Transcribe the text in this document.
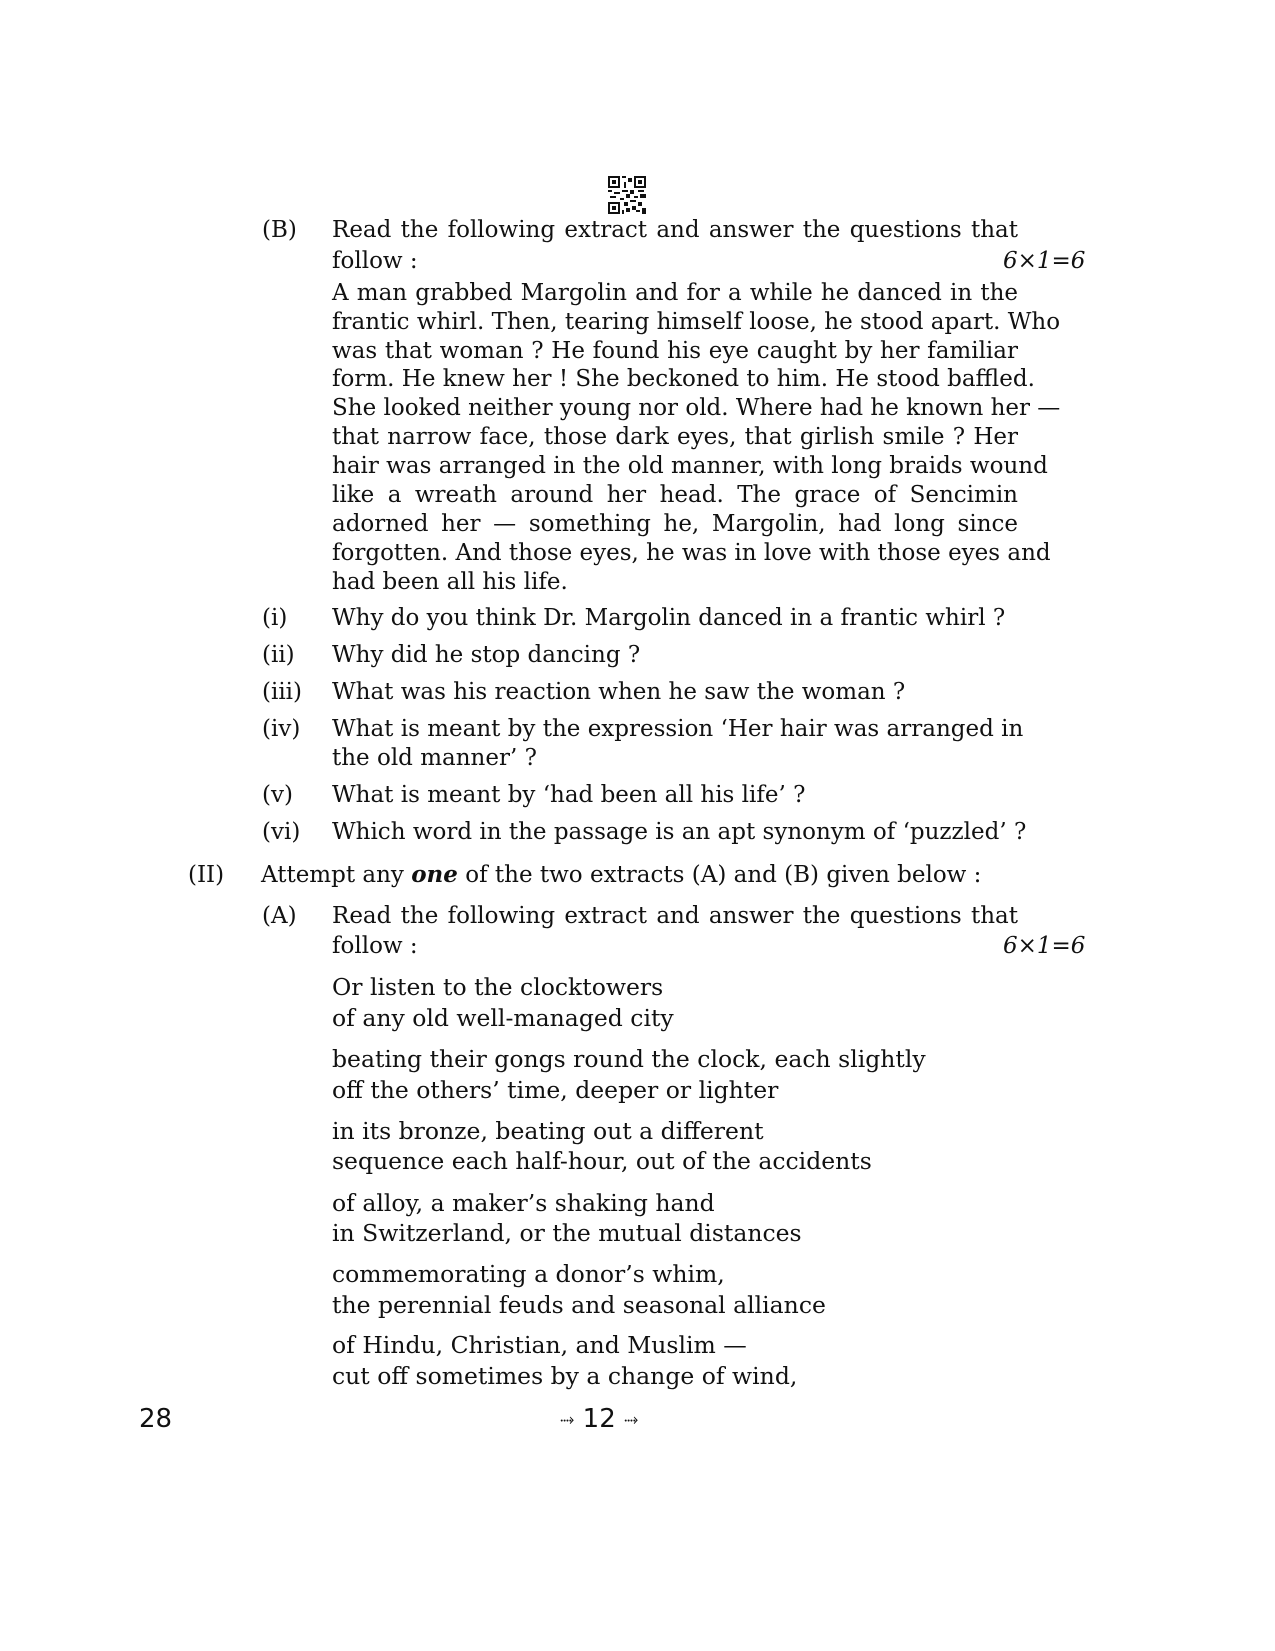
(B) Read the following extract and answer the questions that
follow :	6×1=6
A man grabbed Margolin and for a while he danced in the
frantic whirl. Then, tearing himself loose, he stood apart. Who
was that woman ? He found his eye caught by her familiar
form. He knew her ! She beckoned to him. He stood baffled.
She looked neither young nor old. Where had he known her —
that narrow face, those dark eyes, that girlish smile ? Her
hair was arranged in the old manner, with long braids wound
like a wreath around her head. The grace of Sencimin
adorned her — something he, Margolin, had long since
forgotten. And those eyes, he was in love with those eyes and
had been all his life.
(i) Why do you think Dr. Margolin danced in a frantic whirl ?
(ii) Why did he stop dancing ?
(iii) What was his reaction when he saw the woman ?
(iv) What is meant by the expression ‘Her hair was arranged in
the old manner’ ?
(v) What is meant by ‘had been all his life’ ?
(vi) Which word in the passage is an apt synonym of ‘puzzled’ ?
(II) Attempt any one of the two extracts (A) and (B) given below :
(A) Read the following extract and answer the questions that
follow :	6×1=6
Or listen to the clocktowers
of any old well-managed city
beating their gongs round the clock, each slightly
off the others’ time, deeper or lighter
in its bronze, beating out a different
sequence each half-hour, out of the accidents
of alloy, a maker’s shaking hand
in Switzerland, or the mutual distances
commemorating a donor’s whim,
the perennial feuds and seasonal alliance
of Hindu, Christian, and Muslim —
cut off sometimes by a change of wind,
28	⤑ 12 ⤑
